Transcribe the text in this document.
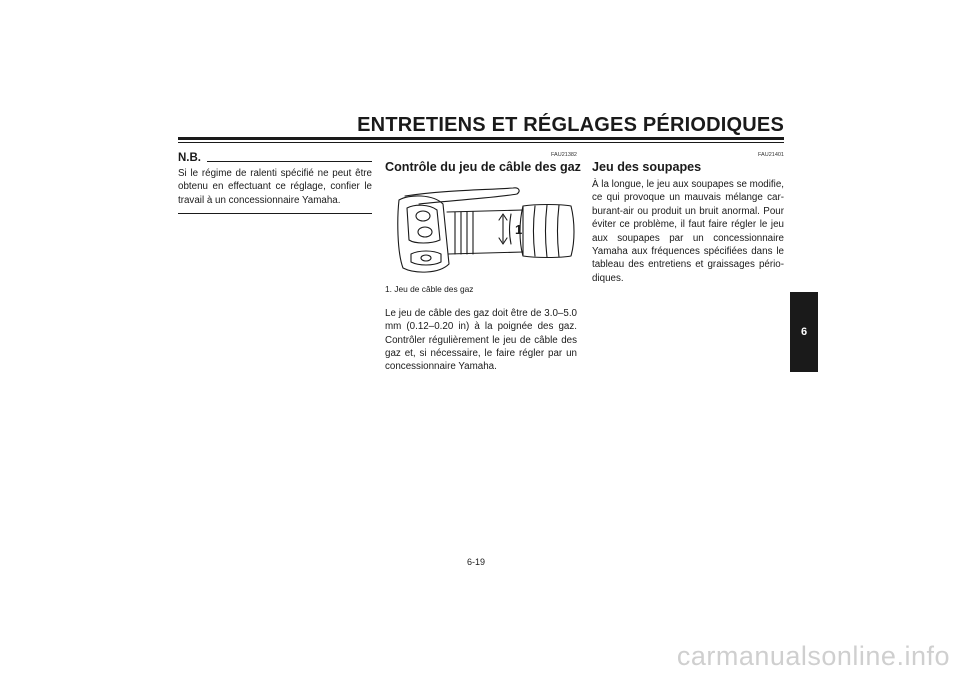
ENTRETIENS ET RÉGLAGES PÉRIODIQUES
N.B.
Si le régime de ralenti spécifié ne peut être obtenu en effectuant ce réglage, confier le travail à un concessionnaire Yamaha.
FAU21382
Contrôle du jeu de câble des gaz
1
1. Jeu de câble des gaz
Le jeu de câble des gaz doit être de 3.0–5.0 mm (0.12–0.20 in) à la poignée des gaz. Contrôler régulièrement le jeu de câble des gaz et, si nécessaire, le faire régler par un concessionnaire Yamaha.
FAU21401
Jeu des soupapes
À la longue, le jeu aux soupapes se modifie, ce qui provoque un mauvais mélange car-burant-air ou produit un bruit anormal. Pour éviter ce problème, il faut faire régler le jeu aux soupapes par un concessionnaire Yamaha aux fréquences spécifiées dans le tableau des entretiens et graissages pério-diques.
6
6-19
carmanualsonline.info
